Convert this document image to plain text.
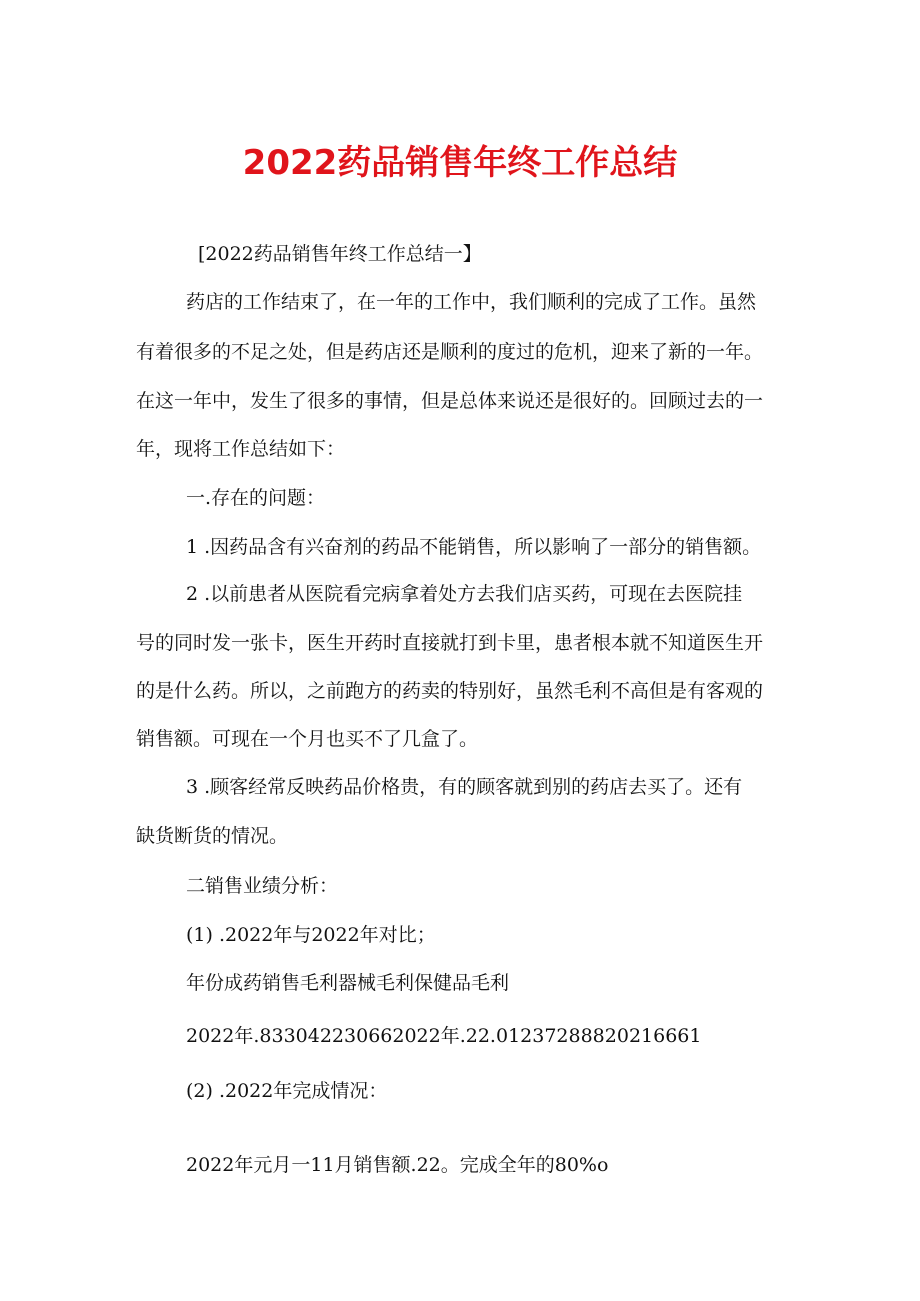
2022药品销售年终工作总结
[2022药品销售年终工作总结一】
药店的工作结束了，在一年的工作中，我们顺利的完成了工作。虽然
有着很多的不足之处，但是药店还是顺利的度过的危机，迎来了新的一年。
在这一年中，发生了很多的事情，但是总体来说还是很好的。回顾过去的一
年，现将工作总结如下：
一.存在的问题：
1 .因药品含有兴奋剂的药品不能销售，所以影响了一部分的销售额。
2 .以前患者从医院看完病拿着处方去我们店买药，可现在去医院挂
号的同时发一张卡，医生开药时直接就打到卡里，患者根本就不知道医生开
的是什么药。所以，之前跑方的药卖的特别好，虽然毛利不高但是有客观的
销售额。可现在一个月也买不了几盒了。
3 .顾客经常反映药品价格贵，有的顾客就到别的药店去买了。还有
缺货断货的情况。
二销售业绩分析：
(1) .2022年与2022年对比；
年份成药销售毛利器械毛利保健品毛利
2022年.833042230662022年.22.01237288820216661
(2) .2022年完成情况：
2022年元月一11月销售额.22。完成全年的80%o
